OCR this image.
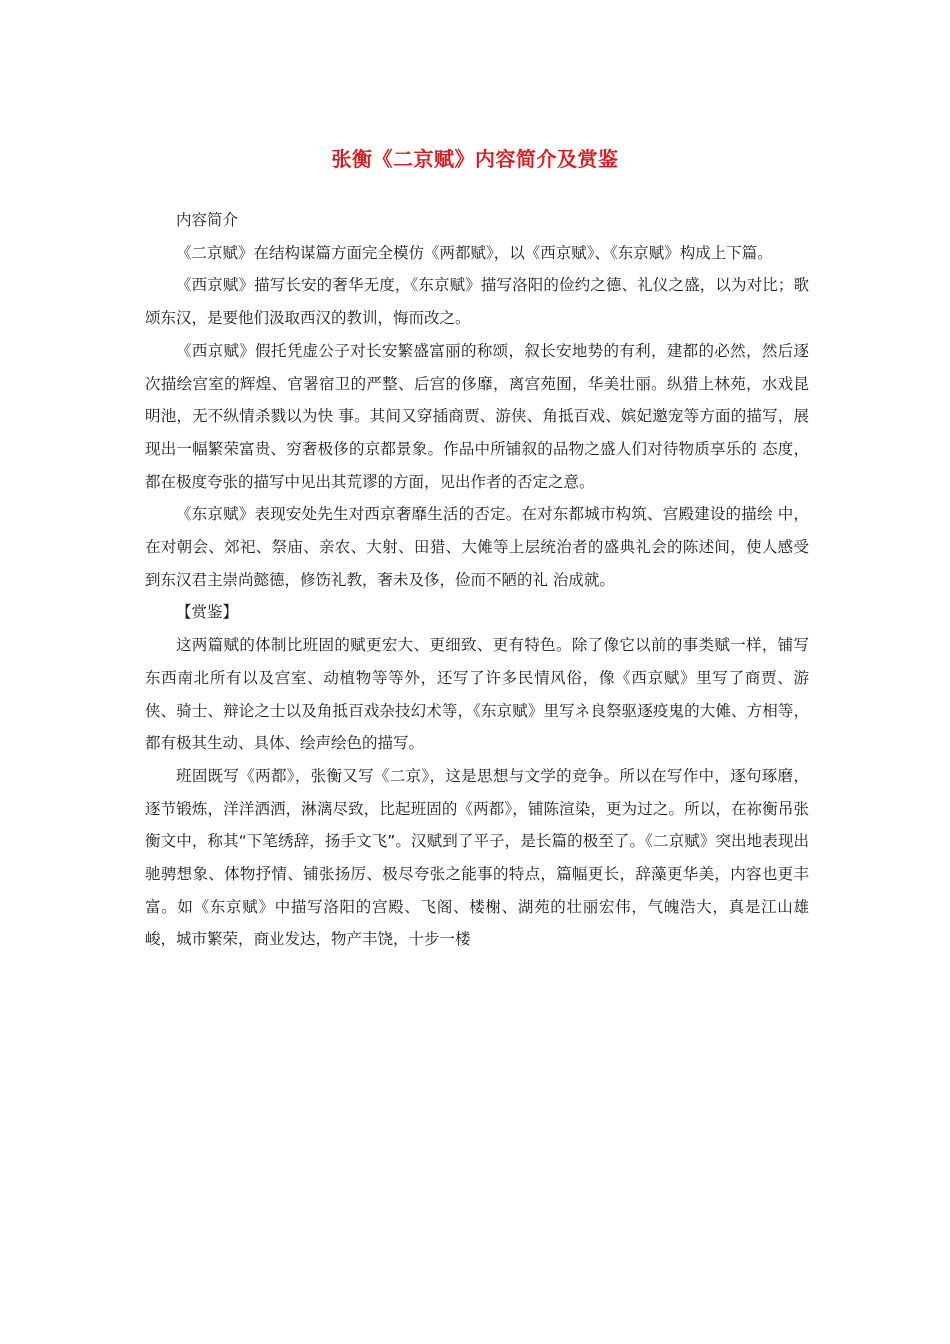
张衡《二京赋》内容简介及赏鉴

内容简介

《二京赋》在结构谋篇方面完全模仿《两都赋》，以《西京赋》、《东京赋》构成上下篇。

《西京赋》描写长安的奢华无度，《东京赋》描写洛阳的俭约之德、礼仪之盛，以为对比；歌颂东汉，是要他们汲取西汉的教训，悔而改之。

《西京赋》假托凭虚公子对长安繁盛富丽的称颂，叙长安地势的有利，建都的必然，然后逐次描绘宫室的辉煌、官署宿卫的严整、后宫的侈靡，离宫苑囿，华美壮丽。纵猎上林苑，水戏昆明池，无不纵情杀戮以为快 事。其间又穿插商贾、游侠、角抵百戏、嫔妃邀宠等方面的描写，展现出一幅繁荣富贵、穷奢极侈的京都景象。作品中所铺叙的品物之盛人们对待物质享乐的 态度，都在极度夸张的描写中见出其荒谬的方面，见出作者的否定之意。

《东京赋》表现安处先生对西京奢靡生活的否定。在对东都城市构筑、宫殿建设的描绘 中，在对朝会、郊祀、祭庙、亲农、大射、田猎、大傩等上层统治者的盛典礼会的陈述间，使人感受到东汉君主崇尚懿德，修饬礼教，奢未及侈，俭而不陋的礼 治成就。

【赏鉴】

这两篇赋的体制比班固的赋更宏大、更细致、更有特色。除了像它以前的事类赋一样，铺写东西南北所有以及宫室、动植物等等外，还写了许多民情风俗，像《西京赋》里写了商贾、游侠、骑士、辩论之士以及角抵百戏杂技幻术等，《东京赋》里写ネ良祭驱逐疫鬼的大傩、方相等，都有极其生动、具体、绘声绘色的描写。

班固既写《两都》，张衡又写《二京》，这是思想与文学的竞争。所以在写作中，逐句琢磨，逐节锻炼，洋洋洒洒，淋漓尽致，比起班固的《两都》，铺陈渲染，更为过之。所以，在祢衡吊张衡文中，称其“下笔绣辞，扬手文飞”。汉赋到了平子，是长篇的极至了。《二京赋》突出地表现出驰骋想象、体物抒情、铺张扬厉、极尽夸张之能事的特点，篇幅更长，辞藻更华美，内容也更丰富。如《东京赋》中描写洛阳的宫殿、飞阁、楼榭、湖苑的壮丽宏伟，气魄浩大，真是江山雄峻，城市繁荣，商业发达，物产丰饶，十步一楼
